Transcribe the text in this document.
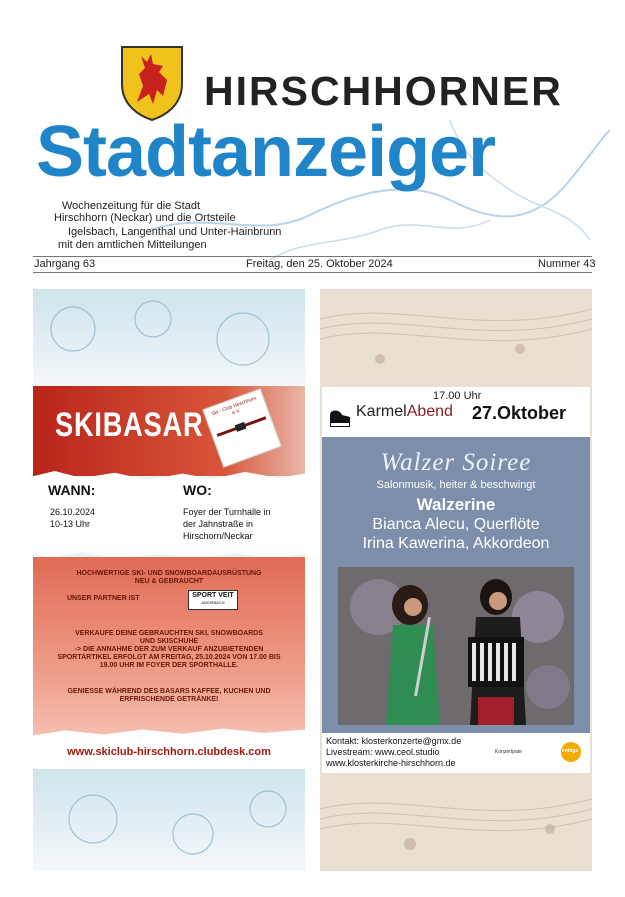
HIRSCHHORNER
Stadtanzeiger
Wochenzeitung für die Stadt
Hirschhorn (Neckar) und die Ortsteile
Igelsbach, Langenthal und Unter-Hainbrunn
mit den amtlichen Mitteilungen
Jahrgang 63	Freitag, den 25. Oktober 2024	Nummer 43
SKIBASAR	Ski - Club Hirschhorn e.V.
WANN:
26.10.2024
10-13 Uhr
WO:
Foyer der Turnhalle in
der Jahnstraße in
Hirschorn/Neckar
HOCHWERTIGE SKI- UND SNOWBOARDAUSRÜSTUNG
NEU & GEBRAUCHT
UNSER PARTNER IST	SPORT VEIT
AMORBACH
VERKAUFE DEINE GEBRAUCHTEN SKI, SNOWBOARDS
UND SKISCHUHE
-> DIE ANNAHME DER ZUM VERKAUF ANZUBIETENDEN
SPORTARTIKEL ERFOLGT AM FREITAG, 25.10.2024 VON 17.00 BIS
19.00 UHR IM FOYER DER SPORTHALLE.
GENIESSE WÄHREND DES BASARS KAFFEE, KUCHEN UND
ERFRISCHENDE GETRÄNKE!
www.skiclub-hirschhorn.clubdesk.com
KarmelAbend
17.00 Uhr
27.Oktober
Walzer Soiree
Salonmusik, heiter & beschwingt
Walzerine
Bianca Alecu, Querflöte
Irina Kawerina, Akkordeon
Kontakt: klosterkonzerte@gmx.de
Livestream: www.ceol.studio
www.klosterkirche-hirschhorn.de
Konzertpate	entega
